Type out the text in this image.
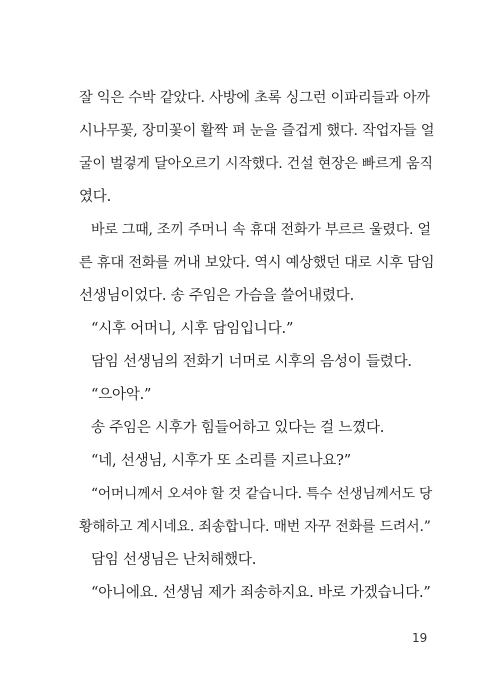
잘 익은 수박 같았다. 사방에 초록 싱그런 이파리들과 아까
시나무꽃, 장미꽃이 활짝 펴 눈을 즐겁게 했다. 작업자들 얼
굴이 벌겋게 달아오르기 시작했다. 건설 현장은 빠르게 움직
였다.
바로 그때, 조끼 주머니 속 휴대 전화가 부르르 울렸다. 얼
른 휴대 전화를 꺼내 보았다. 역시 예상했던 대로 시후 담임
선생님이었다. 송 주임은 가슴을 쓸어내렸다.
“시후 어머니, 시후 담임입니다.”
담임 선생님의 전화기 너머로 시후의 음성이 들렸다.
“으아악.”
송 주임은 시후가 힘들어하고 있다는 걸 느꼈다.
“네, 선생님, 시후가 또 소리를 지르나요?”
“어머니께서 오셔야 할 것 같습니다. 특수 선생님께서도 당
황해하고 계시네요. 죄송합니다. 매번 자꾸 전화를 드려서.”
담임 선생님은 난처해했다.
“아니에요. 선생님 제가 죄송하지요. 바로 가겠습니다.”
19
